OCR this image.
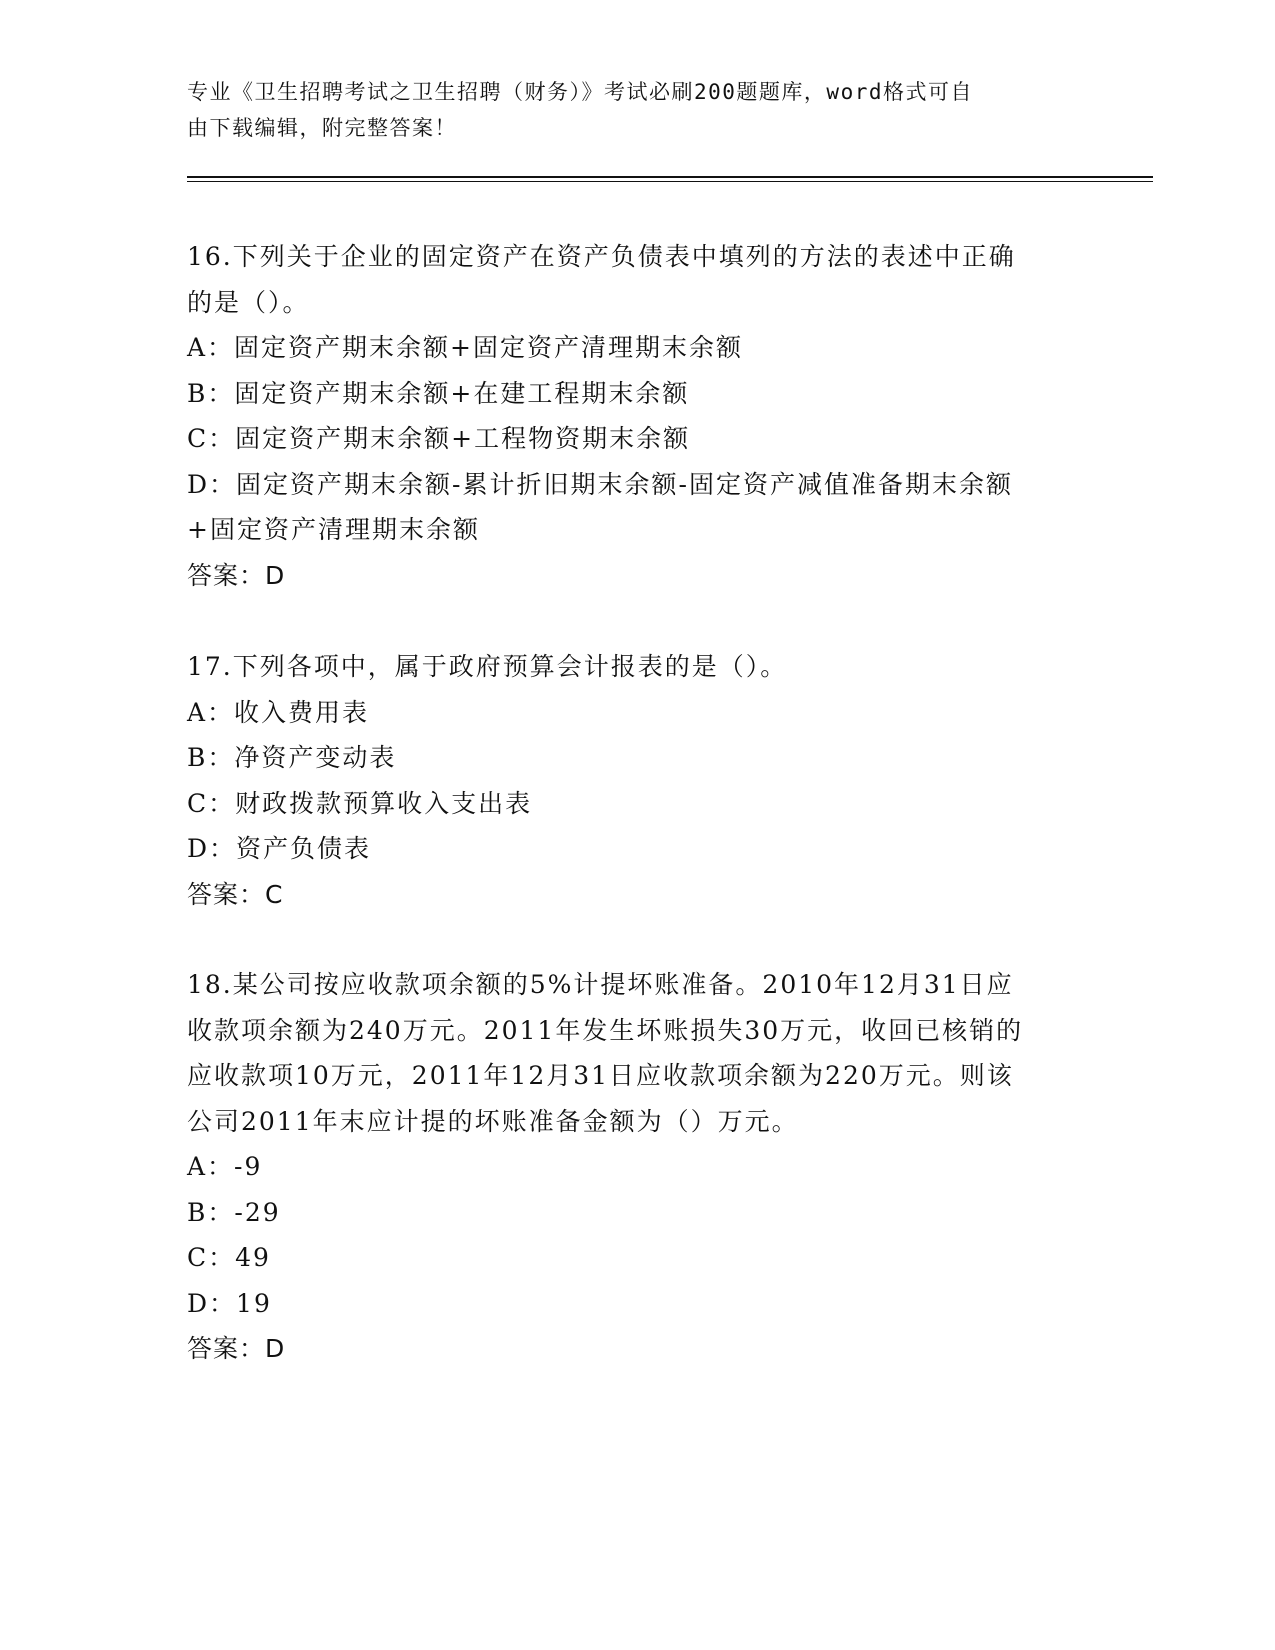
专业《卫生招聘考试之卫生招聘（财务）》考试必刷200题题库，word格式可自
由下载编辑，附完整答案！

16.下列关于企业的固定资产在资产负债表中填列的方法的表述中正确

的是（）。

A：固定资产期末余额+固定资产清理期末余额

B：固定资产期末余额+在建工程期末余额

C：固定资产期末余额+工程物资期末余额

D：固定资产期末余额-累计折旧期末余额-固定资产减值准备期末余额

+固定资产清理期末余额

答案：D

17.下列各项中，属于政府预算会计报表的是（）。

A：收入费用表

B：净资产变动表

C：财政拨款预算收入支出表

D：资产负债表

答案：C

18.某公司按应收款项余额的5%计提坏账准备。2010年12月31日应

收款项余额为240万元。2011年发生坏账损失30万元，收回已核销的

应收款项10万元，2011年12月31日应收款项余额为220万元。则该

公司2011年末应计提的坏账准备金额为（）万元。

A：-9

B：-29

C：49

D：19

答案：D
